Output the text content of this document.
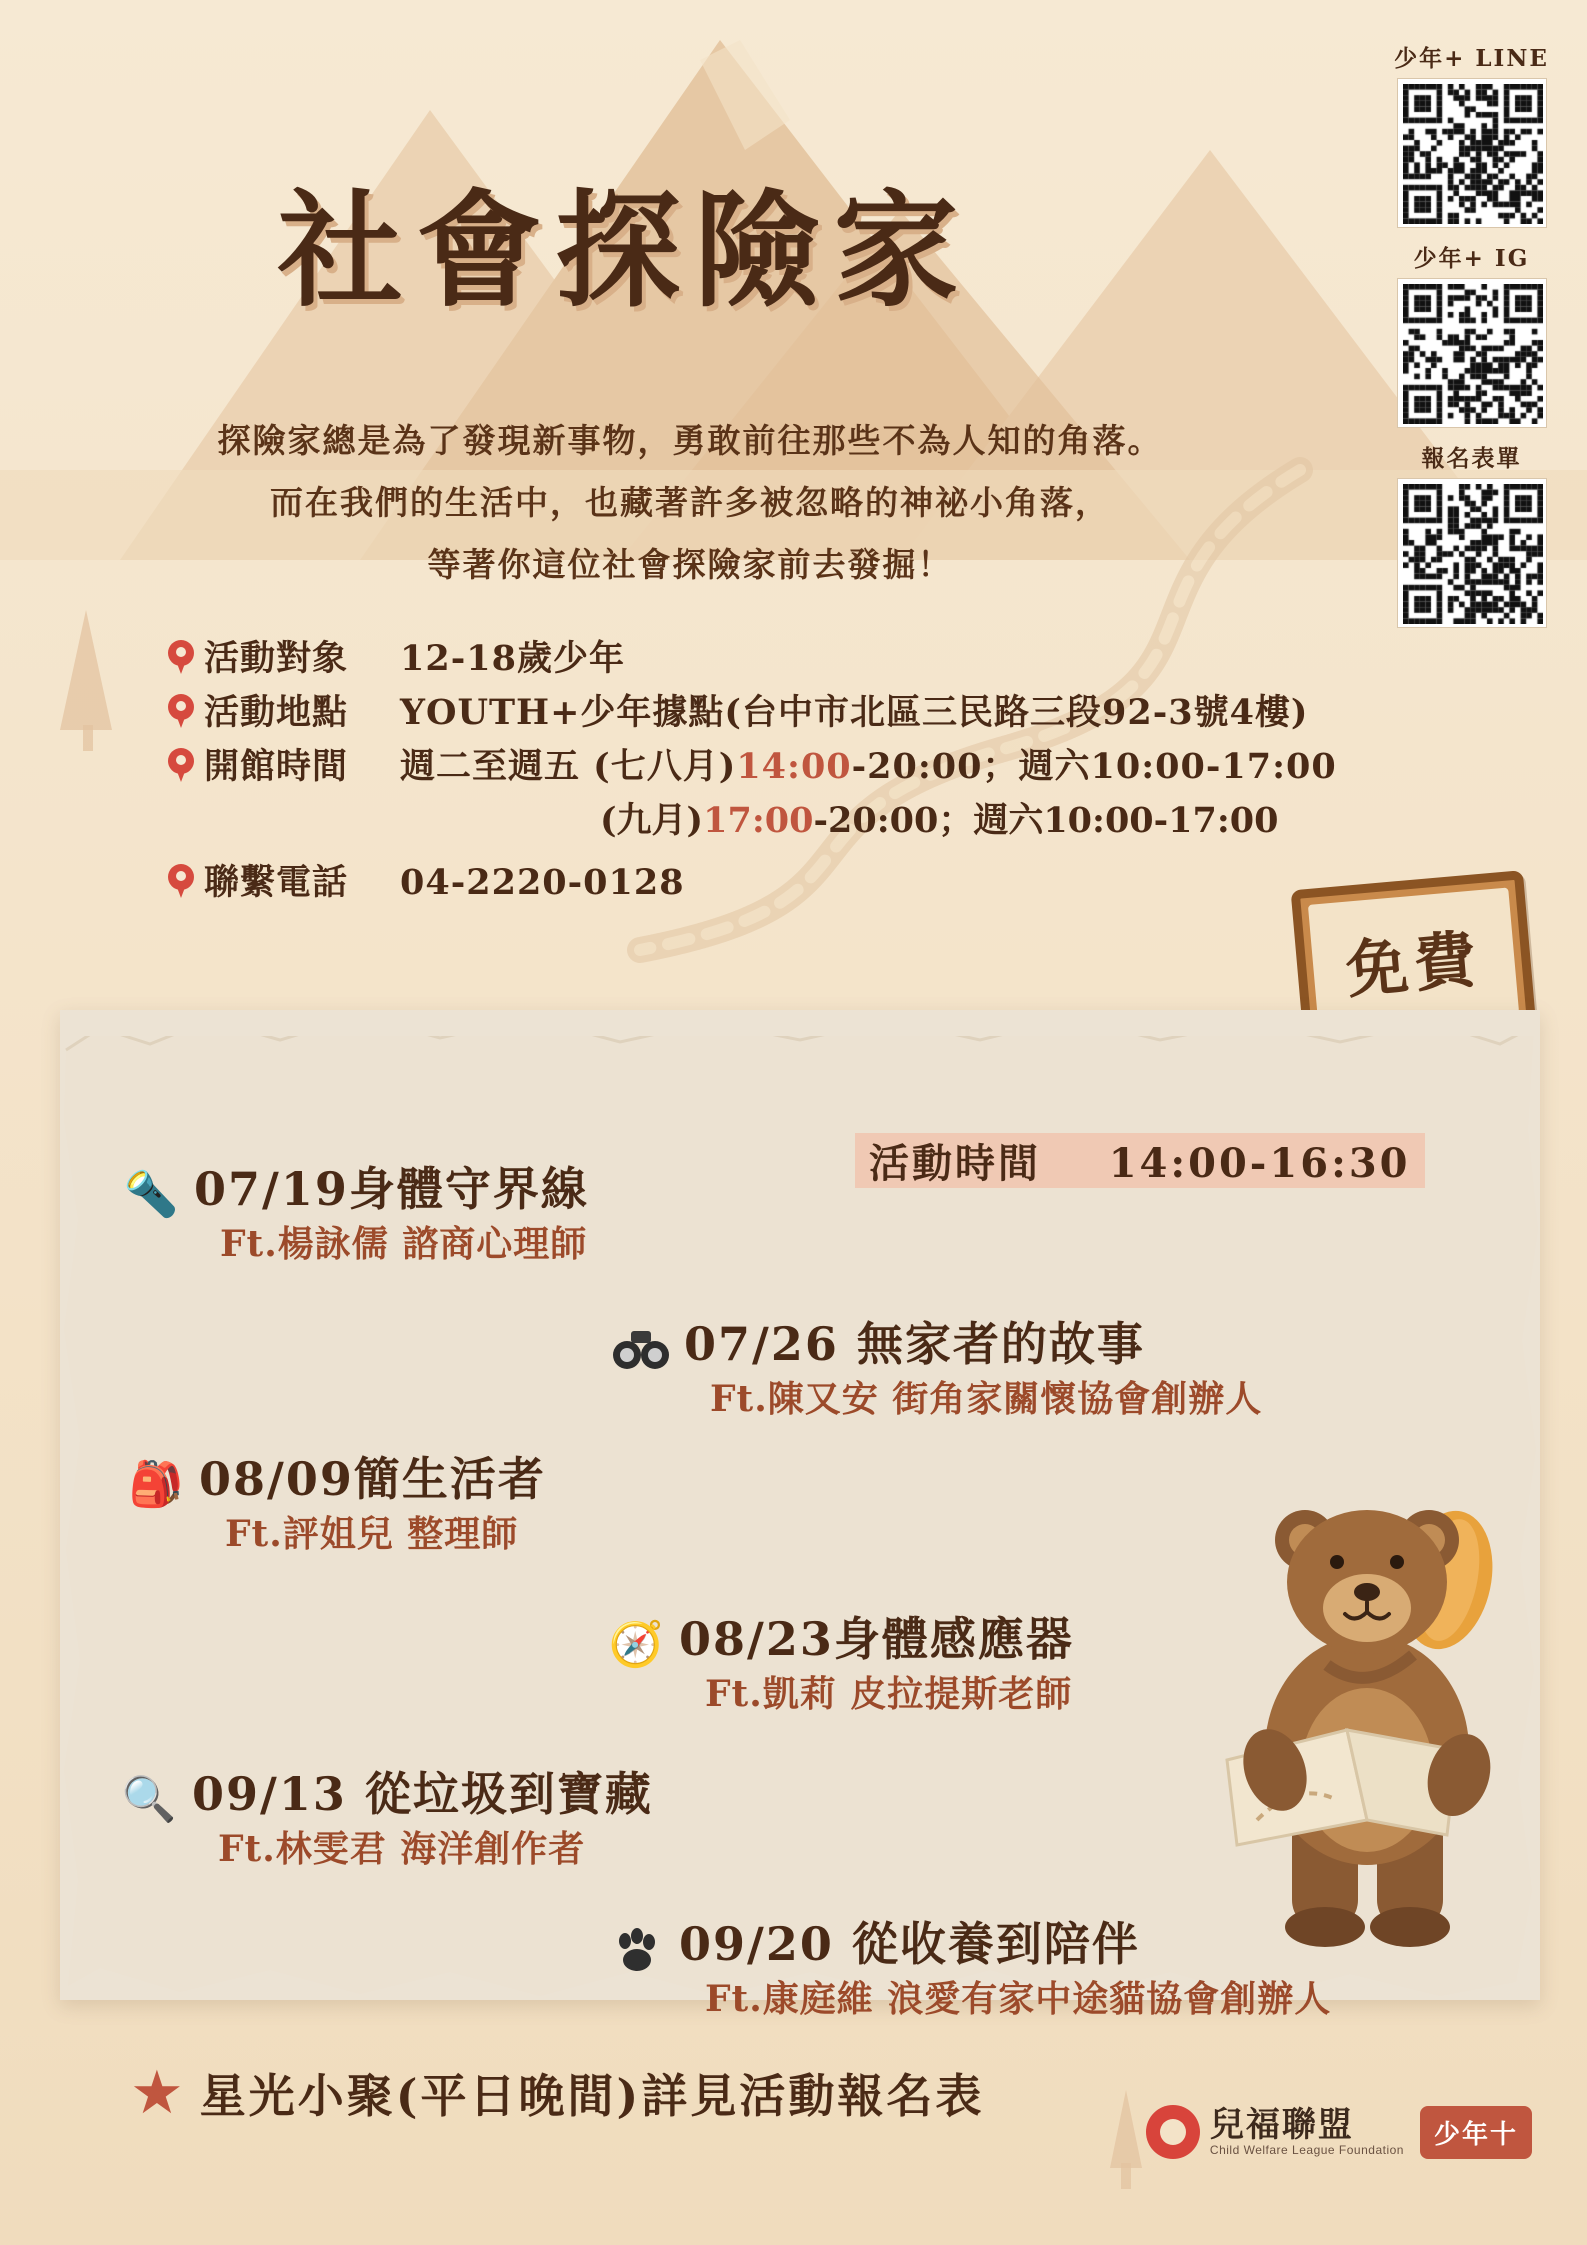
社會探險家
探險家總是為了發現新事物，勇敢前往那些不為人知的角落。
而在我們的生活中，也藏著許多被忽略的神祕小角落，
等著你這位社會探險家前去發掘！
少年+ LINE
少年+ IG
報名表單
活動對象	12-18歲少年
活動地點	YOUTH+少年據點(台中市北區三民路三段92-3號4樓)
開館時間	週二至週五 (七八月)14:00-20:00；週六10:00-17:00
(九月)17:00-20:00；週六10:00-17:00
聯繫電話	04-2220-0128
免費
活動時間 14:00-16:30
🔦 07/19身體守界線
Ft.楊詠儒 諮商心理師
07/26 無家者的故事
Ft.陳又安 街角家關懷協會創辦人
🎒 08/09簡生活者
Ft.評姐兒 整理師
🧭 08/23身體感應器
Ft.凱莉 皮拉提斯老師
🔍 09/13 從垃圾到寶藏
Ft.林雯君 海洋創作者
09/20 從收養到陪伴
Ft.康庭維 浪愛有家中途貓協會創辦人
★ 星光小聚(平日晚間)詳見活動報名表
兒福聯盟
Child Welfare League Foundation
少年十
